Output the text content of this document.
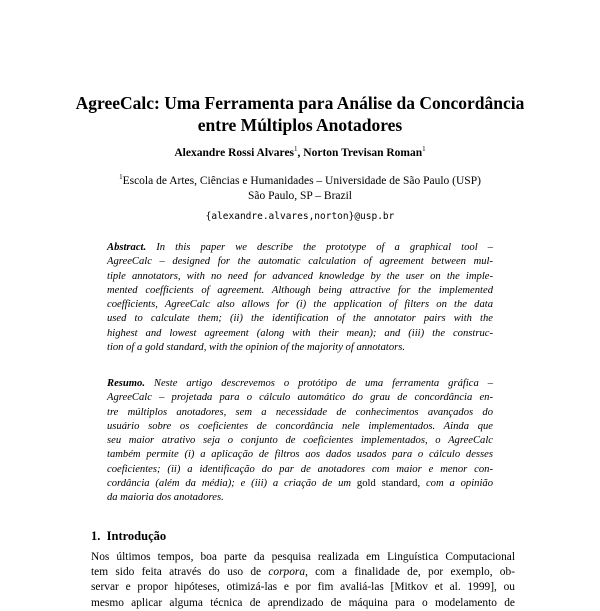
AgreeCalc: Uma Ferramenta para Análise da Concordância
entre Múltiplos Anotadores
Alexandre Rossi Alvares$^1$, Norton Trevisan Roman$^1$
$^1$Escola de Artes, Ciências e Humanidades – Universidade de São Paulo (USP)
São Paulo, SP – Brazil
{alexandre.alvares,norton}@usp.br
Abstract. In this paper we describe the prototype of a graphical tool –
AgreeCalc – designed for the automatic calculation of agreement between mul-
tiple annotators, with no need for advanced knowledge by the user on the imple-
mented coefficients of agreement. Although being attractive for the implemented
coefficients, AgreeCalc also allows for (i) the application of filters on the data
used to calculate them; (ii) the identification of the annotator pairs with the
highest and lowest agreement (along with their mean); and (iii) the construc-
tion of a gold standard, with the opinion of the majority of annotators.
Resumo. Neste artigo descrevemos o protótipo de uma ferramenta gráfica –
AgreeCalc – projetada para o cálculo automático do grau de concordância en-
tre múltiplos anotadores, sem a necessidade de conhecimentos avançados do
usuário sobre os coeficientes de concordância nele implementados. Ainda que
seu maior atrativo seja o conjunto de coeficientes implementados, o AgreeCalc
também permite (i) a aplicação de filtros aos dados usados para o cálculo desses
coeficientes; (ii) a identificação do par de anotadores com maior e menor con-
cordância (além da média); e (iii) a criação de um gold standard, com a opinião
da maioria dos anotadores.
1. Introdução
Nos últimos tempos, boa parte da pesquisa realizada em Linguística Computacional
tem sido feita através do uso de corpora, com a finalidade de, por exemplo, ob-
servar e propor hipóteses, otimizá-las e por fim avaliá-las [Mitkov et al. 1999], ou
mesmo aplicar alguma técnica de aprendizado de máquina para o modelamento de
